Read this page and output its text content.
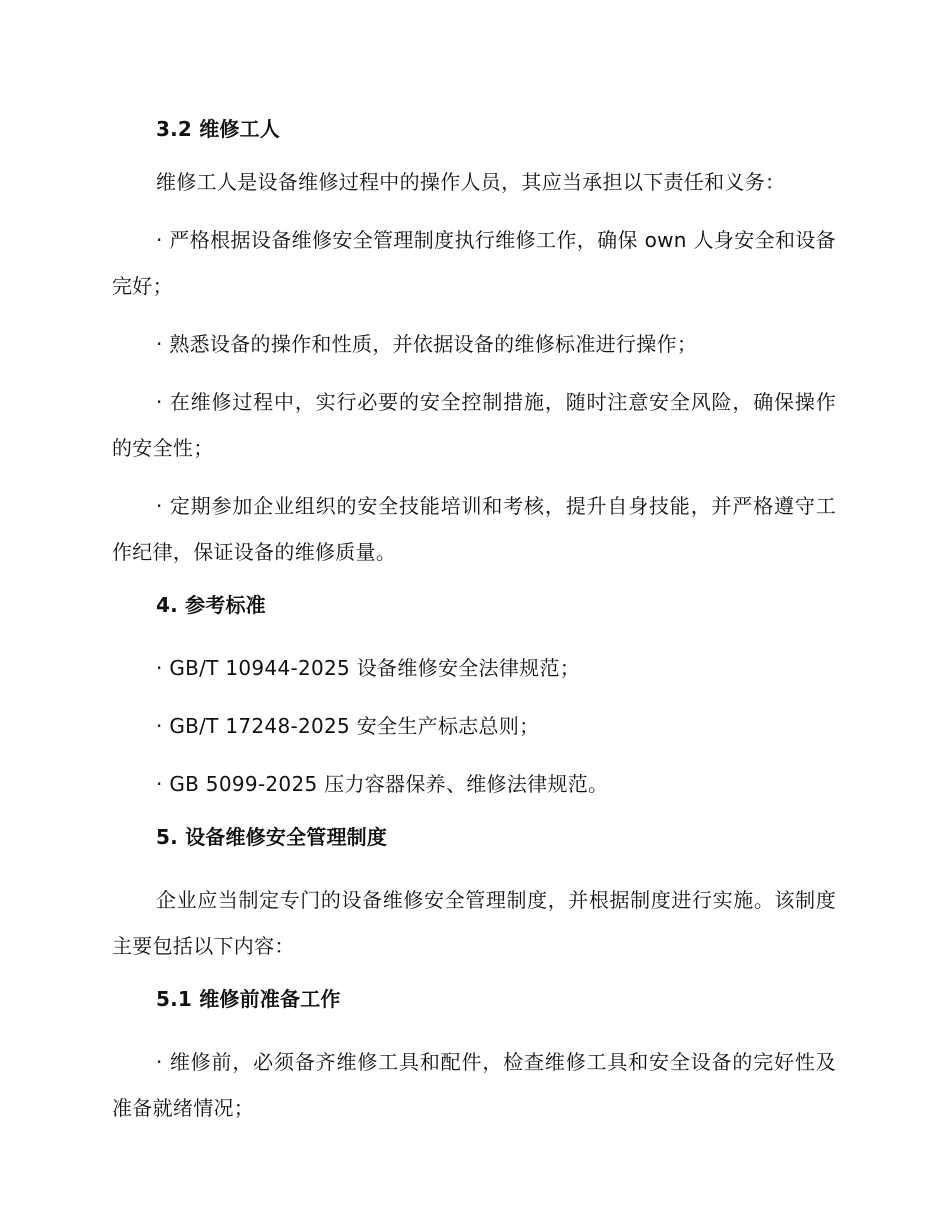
3.2 维修工人

维修工人是设备维修过程中的操作人员，其应当承担以下责任和义务：

· 严格根据设备维修安全管理制度执行维修工作，确保 own 人身安全和设备完好；

· 熟悉设备的操作和性质，并依据设备的维修标准进行操作；

· 在维修过程中，实行必要的安全控制措施，随时注意安全风险，确保操作的安全性；

· 定期参加企业组织的安全技能培训和考核，提升自身技能，并严格遵守工作纪律，保证设备的维修质量。

4. 参考标准

· GB/T 10944-2025 设备维修安全法律规范；

· GB/T 17248-2025 安全生产标志总则；

· GB 5099-2025 压力容器保养、维修法律规范。

5. 设备维修安全管理制度

企业应当制定专门的设备维修安全管理制度，并根据制度进行实施。该制度主要包括以下内容：

5.1 维修前准备工作

· 维修前，必须备齐维修工具和配件，检查维修工具和安全设备的完好性及准备就绪情况；
